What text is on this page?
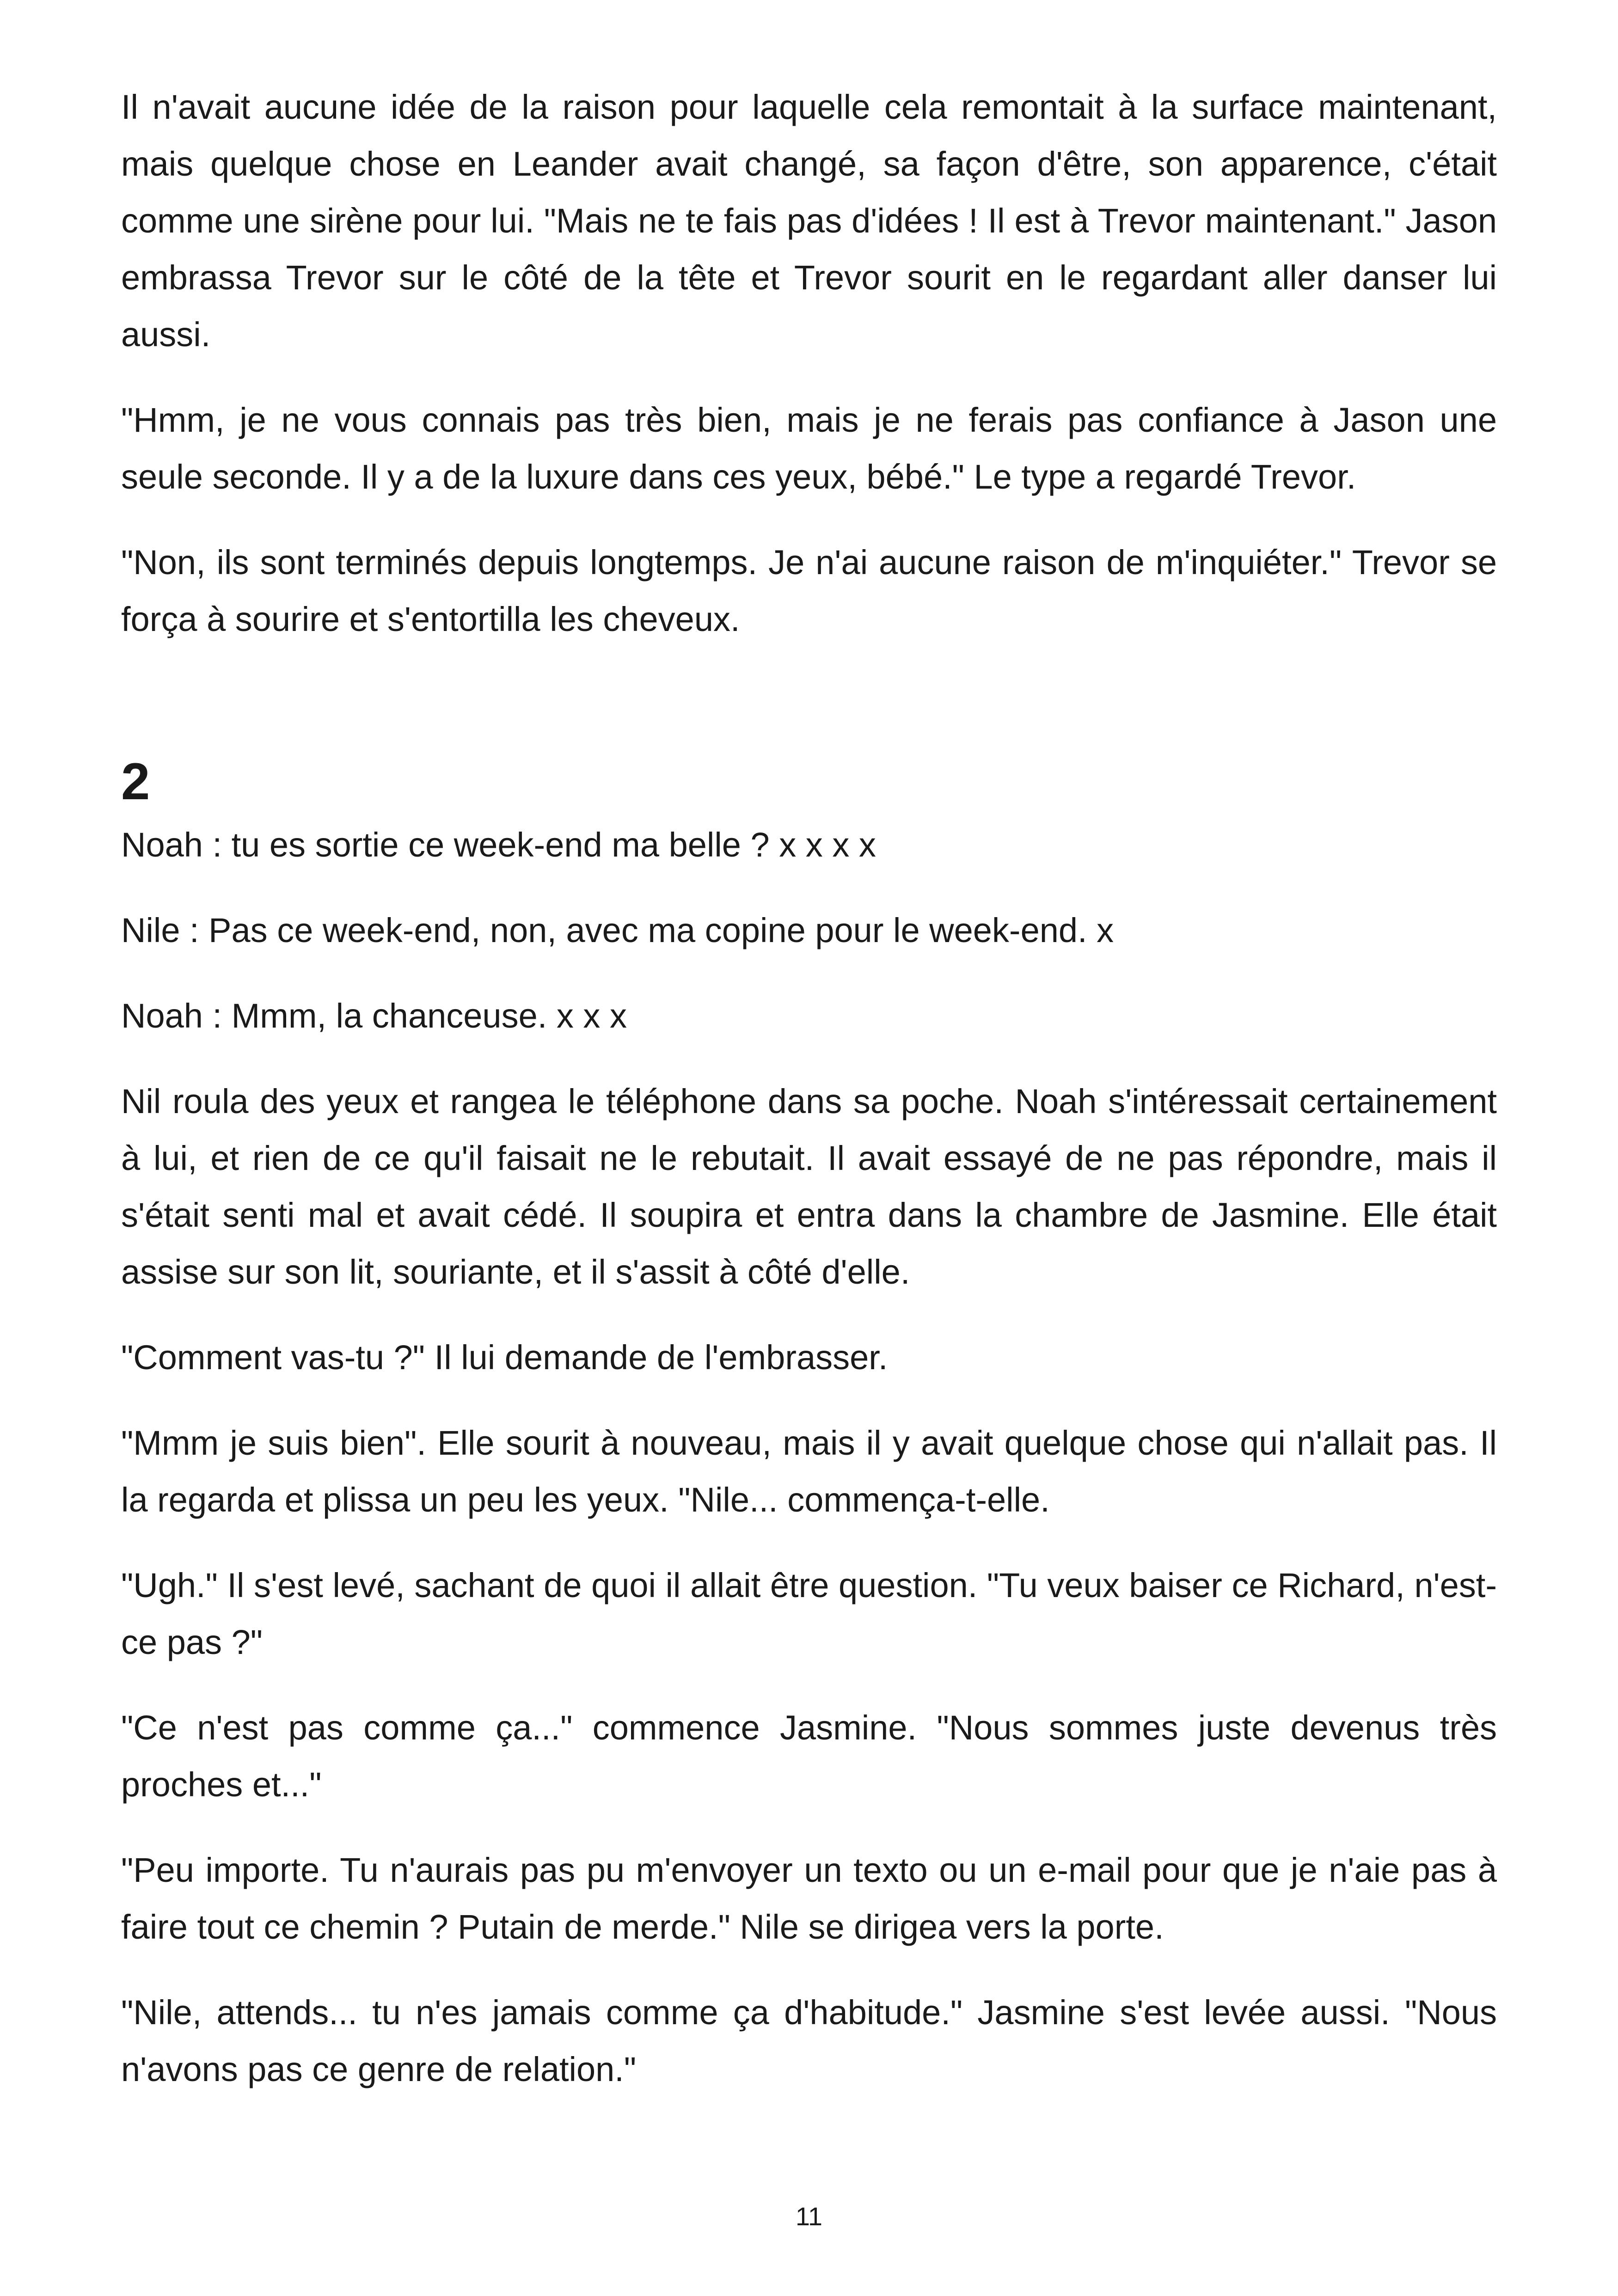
Il n'avait aucune idée de la raison pour laquelle cela remontait à la surface maintenant, mais quelque chose en Leander avait changé, sa façon d'être, son apparence, c'était comme une sirène pour lui. "Mais ne te fais pas d'idées ! Il est à Trevor maintenant." Jason embrassa Trevor sur le côté de la tête et Trevor sourit en le regardant aller danser lui aussi.

"Hmm, je ne vous connais pas très bien, mais je ne ferais pas confiance à Jason une seule seconde. Il y a de la luxure dans ces yeux, bébé." Le type a regardé Trevor.

"Non, ils sont terminés depuis longtemps. Je n'ai aucune raison de m'inquiéter." Trevor se força à sourire et s'entortilla les cheveux.

2

Noah : tu es sortie ce week-end ma belle ? x x x x

Nile : Pas ce week-end, non, avec ma copine pour le week-end. x

Noah : Mmm, la chanceuse. x x x

Nil roula des yeux et rangea le téléphone dans sa poche. Noah s'intéressait certainement à lui, et rien de ce qu'il faisait ne le rebutait. Il avait essayé de ne pas répondre, mais il s'était senti mal et avait cédé. Il soupira et entra dans la chambre de Jasmine. Elle était assise sur son lit, souriante, et il s'assit à côté d'elle.

"Comment vas-tu ?" Il lui demande de l'embrasser.

"Mmm je suis bien". Elle sourit à nouveau, mais il y avait quelque chose qui n'allait pas. Il la regarda et plissa un peu les yeux. "Nile... commença-t-elle.

"Ugh." Il s'est levé, sachant de quoi il allait être question. "Tu veux baiser ce Richard, n'est-ce pas ?"

"Ce n'est pas comme ça..." commence Jasmine. "Nous sommes juste devenus très proches et..."

"Peu importe. Tu n'aurais pas pu m'envoyer un texto ou un e-mail pour que je n'aie pas à faire tout ce chemin ? Putain de merde." Nile se dirigea vers la porte.

"Nile, attends... tu n'es jamais comme ça d'habitude." Jasmine s'est levée aussi. "Nous n'avons pas ce genre de relation."

11
